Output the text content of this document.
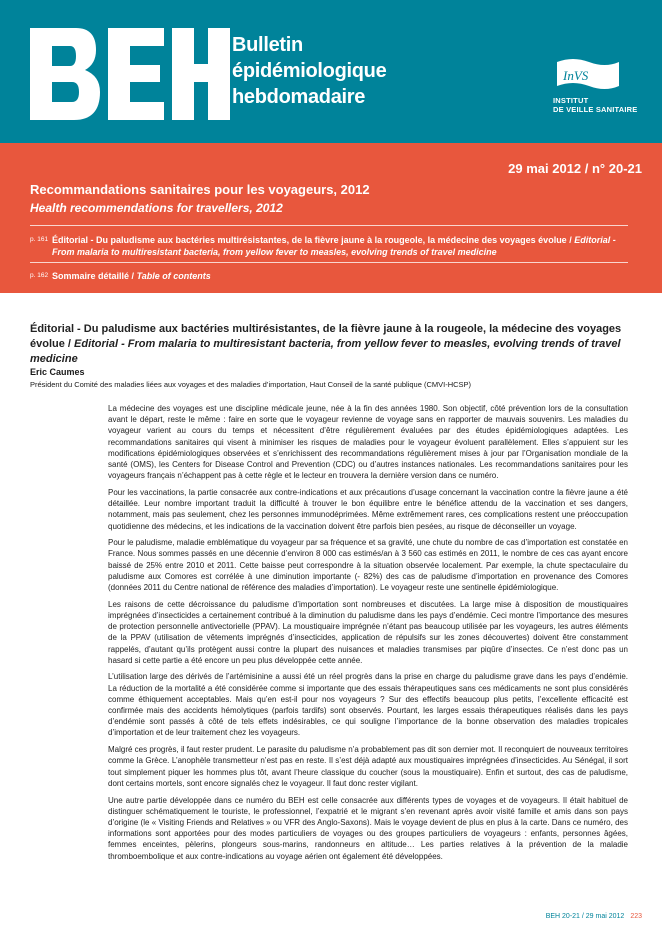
Bulletin
épidémiologique
hebdomadaire
InVS
INSTITUT
DE VEILLE SANITAIRE
29 mai 2012 / n° 20-21
Recommandations sanitaires pour les voyageurs, 2012
Health recommendations for travellers, 2012
p. 161 Éditorial - Du paludisme aux bactéries multirésistantes, de la fièvre jaune à la rougeole, la médecine des voyages évolue / Editorial - From malaria to multiresistant bacteria, from yellow fever to measles, evolving trends of travel medicine
p. 162 Sommaire détaillé / Table of contents
Éditorial - Du paludisme aux bactéries multirésistantes, de la fièvre jaune à la rougeole, la médecine des voyages évolue / Editorial - From malaria to multiresistant bacteria, from yellow fever to measles, evolving trends of travel medicine
Eric Caumes
Président du Comité des maladies liées aux voyages et des maladies d’importation, Haut Conseil de la santé publique (CMVI-HCSP)

La médecine des voyages est une discipline médicale jeune, née à la fin des années 1980. Son objectif, côté prévention lors de la consultation avant le départ, reste le même : faire en sorte que le voyageur revienne de voyage sans en rapporter de mauvais souvenirs. Les maladies du voyageur varient au cours du temps et nécessitent d’être régulièrement évaluées par des études épidémiologiques adaptées. Les recommandations sanitaires qui visent à minimiser les risques de maladies pour le voyageur évoluent parallèlement. Elles s’appuient sur les modifications épidémiologiques observées et s’enrichissent des recommandations régulièrement mises à jour par l’Organisation mondiale de la santé (OMS), les Centers for Disease Control and Prevention (CDC) ou d’autres instances nationales. Les recommandations sanitaires pour les voyageurs français n’échappent pas à cette règle et le lecteur en trouvera la dernière version dans ce numéro.

Pour les vaccinations, la partie consacrée aux contre-indications et aux précautions d’usage concernant la vaccination contre la fièvre jaune a été détaillée. Leur nombre important traduit la difficulté à trouver le bon équilibre entre le bénéfice attendu de la vaccination et ses dangers, notamment, mais pas seulement, chez les personnes immunodéprimées. Même extrêmement rares, ces complications restent une préoccupation quotidienne des médecins, et les indications de la vaccination doivent être parfois bien pesées, au risque de déconseiller un voyage.

Pour le paludisme, maladie emblématique du voyageur par sa fréquence et sa gravité, une chute du nombre de cas d’importation est constatée en France. Nous sommes passés en une décennie d’environ 8 000 cas estimés/an à 3 560 cas estimés en 2011, le nombre de ces cas ayant encore baissé de 25% entre 2010 et 2011. Cette baisse peut correspondre à la situation observée localement. Par exemple, la chute spectaculaire du paludisme aux Comores est corrélée à une diminution importante (- 82%) des cas de paludisme d’importation en provenance des Comores (données 2011 du Centre national de référence des maladies d’importation). Le voyageur reste une sentinelle épidémiologique.

Les raisons de cette décroissance du paludisme d’importation sont nombreuses et discutées. La large mise à disposition de moustiquaires imprégnées d’insecticides a certainement contribué à la diminution du paludisme dans les pays d’endémie. Ceci montre l’importance des mesures de protection personnelle antivectorielle (PPAV). La moustiquaire imprégnée n’étant pas beaucoup utilisée par les voyageurs, les autres éléments de la PPAV (utilisation de vêtements imprégnés d’insecticides, application de répulsifs sur les zones découvertes) doivent être constamment rappelés, d’autant qu’ils protègent aussi contre la plupart des nuisances et maladies transmises par piqûre d’insectes. Ce n’est donc pas un hasard si cette partie a été encore un peu plus développée cette année.

L’utilisation large des dérivés de l’artémisinine a aussi été un réel progrès dans la prise en charge du paludisme grave dans les pays d’endémie. La réduction de la mortalité a été considérée comme si importante que des essais thérapeutiques sans ces médicaments ne sont plus considérés comme éthiquement acceptables. Mais qu’en est-il pour nos voyageurs ? Sur des effectifs beaucoup plus petits, l’excellente efficacité est confirmée mais des accidents hémolytiques (parfois tardifs) sont observés. Pourtant, les larges essais thérapeutiques réalisés dans les pays d’endémie sont passés à côté de tels effets indésirables, ce qui souligne l’importance de la bonne observation des maladies tropicales d’importation et de leur traitement chez les voyageurs.

Malgré ces progrès, il faut rester prudent. Le parasite du paludisme n’a probablement pas dit son dernier mot. Il reconquiert de nouveaux territoires comme la Grèce. L’anophèle transmetteur n’est pas en reste. Il s’est déjà adapté aux moustiquaires imprégnées d’insecticides. Au Sénégal, il sort tout simplement piquer les hommes plus tôt, avant l’heure classique du coucher (sous la moustiquaire). Enfin et surtout, des cas de paludisme, dont certains mortels, sont encore signalés chez le voyageur. Il faut donc rester vigilant.

Une autre partie développée dans ce numéro du BEH est celle consacrée aux différents types de voyages et de voyageurs. Il était habituel de distinguer schématiquement le touriste, le professionnel, l’expatrié et le migrant s’en revenant après avoir visité famille et amis dans son pays d’origine (le « Visiting Friends and Relatives » ou VFR des Anglo-Saxons). Mais le voyage devient de plus en plus à la carte. Dans ce numéro, des informations sont apportées pour des modes particuliers de voyages ou des groupes particuliers de voyageurs : enfants, personnes âgées, femmes enceintes, pèlerins, plongeurs sous-marins, randonneurs en altitude… Les parties relatives à la prévention de la maladie thromboembolique et aux contre-indications au voyage aérien ont également été développées.

BEH 20-21 / 29 mai 2012 223
